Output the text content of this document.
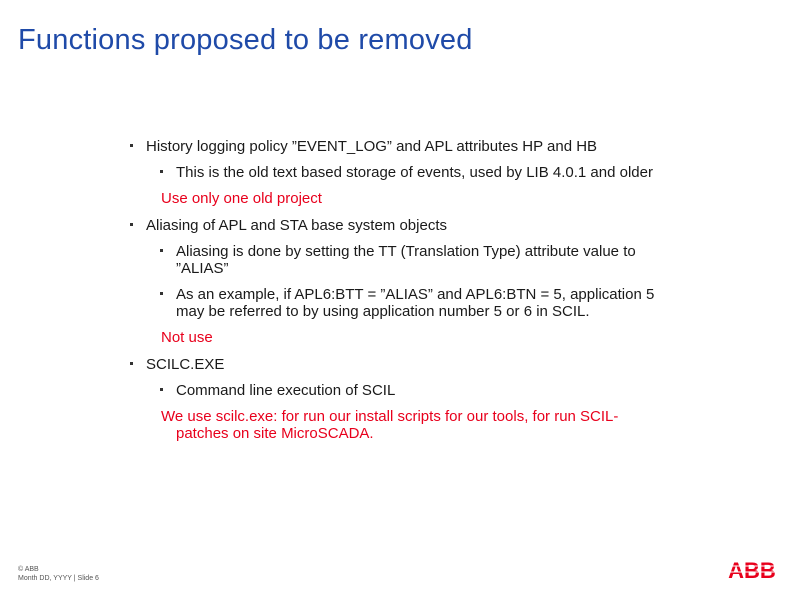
Functions proposed to be removed
History logging policy ”EVENT_LOG” and APL attributes HP and HB
This is the old text based storage of events, used by LIB 4.0.1 and older
Use only one old project
Aliasing of APL and STA base system objects
Aliasing is done by setting the TT (Translation Type) attribute value to ”ALIAS”
As an example, if APL6:BTT = ”ALIAS” and APL6:BTN = 5, application 5 may be referred to by using application number 5 or 6 in SCIL.
Not use
SCILC.EXE
Command line execution of SCIL
We use scilc.exe: for run our install scripts for our tools, for run SCIL-patches on site MicroSCADA.
© ABB
Month DD, YYYY | Slide 6	ABB
